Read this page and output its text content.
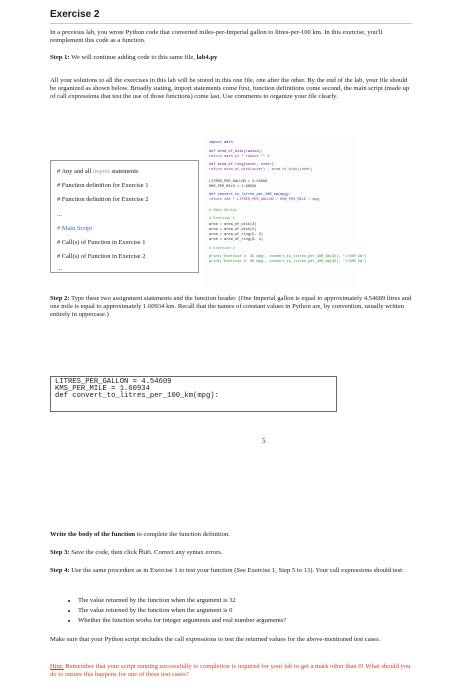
Exercise 2
In a previous lab, you wrote Python code that converted miles-per-Imperial gallon to litres-per-100 km. In this exercise, you'll reimplement this code as a function.
Step 1: We will continue adding code to this same file, lab4.py
All your solutions to all the exercises in this lab will be stored in this one file, one after the other. By the end of the lab, your file should be organized as shown below. Broadly stating, import statements come first, function definitions come second, the main script (made up of call expressions that test the use of those functions) come last. Use comments to organize your file clearly.
# Any and all import statements
# Function definition for Exercise 1
# Function definition for Exercise 2
...
# Main Script
# Call(s) of Function in Exercise 1
# Call(s) of Function in Exercise 2
...
import math
def area_of_disk(radius):
return math.pi * radius ** 2
def area_of_ring(outer, inner):
return area_of_disk(outer) - area_of_disk(inner)
LITRES_PER_GALLON = 4.54609
KMS_PER_MILE = 1.60934
def convert_to_litres_per_100_km(mpg):
return 100 * LITRES_PER_GALLON / KMS_PER_MILE / mpg
# Main Script
# Exercise 1
area = area_of_disk(3)
area = area_of_disk(5)
area = area_of_ring(5, 3)
area = area_of_ring(8, 4)
# Exercise 2
print('Exercise 2: 35 mpg', convert_to_litres_per_100_km(35), 'l/100 km')
print('Exercise 2: 35 mpg', convert_to_litres_per_100_km(35), 'l/100 km')
Step 2: Type these two assignment statements and the function header. (One Imperial gallon is equal to approximately 4.54609 litres and one mile is equal to approximately 1.60934 km. Recall that the names of constant values in Python are, by convention, usually written entirely in uppercase.)
LITRES_PER_GALLON = 4.54609
KMS_PER_MILE = 1.60934
def convert_to_litres_per_100_km(mpg):
5
Write the body of the function to complete the function definition.
Step 3: Save the code, then click Run. Correct any syntax errors.
Step 4: Use the same procedure as in Exercise 1 to test your function (See Exercise 1, Step 5 to 13). Your call expressions should test:
• The value returned by the function when the argument is 32
• The value returned by the function when the argument is 0
• Whether the function works for integer arguments and real number arguments?
Make sure that your Python script includes the call expressions to test the returned values for the above-mentioned test cases.
Hint: Remember that your script running successfully to completion is required for your lab to get a mark other than 0! What should you do to ensure this happens for one of these test cases?
